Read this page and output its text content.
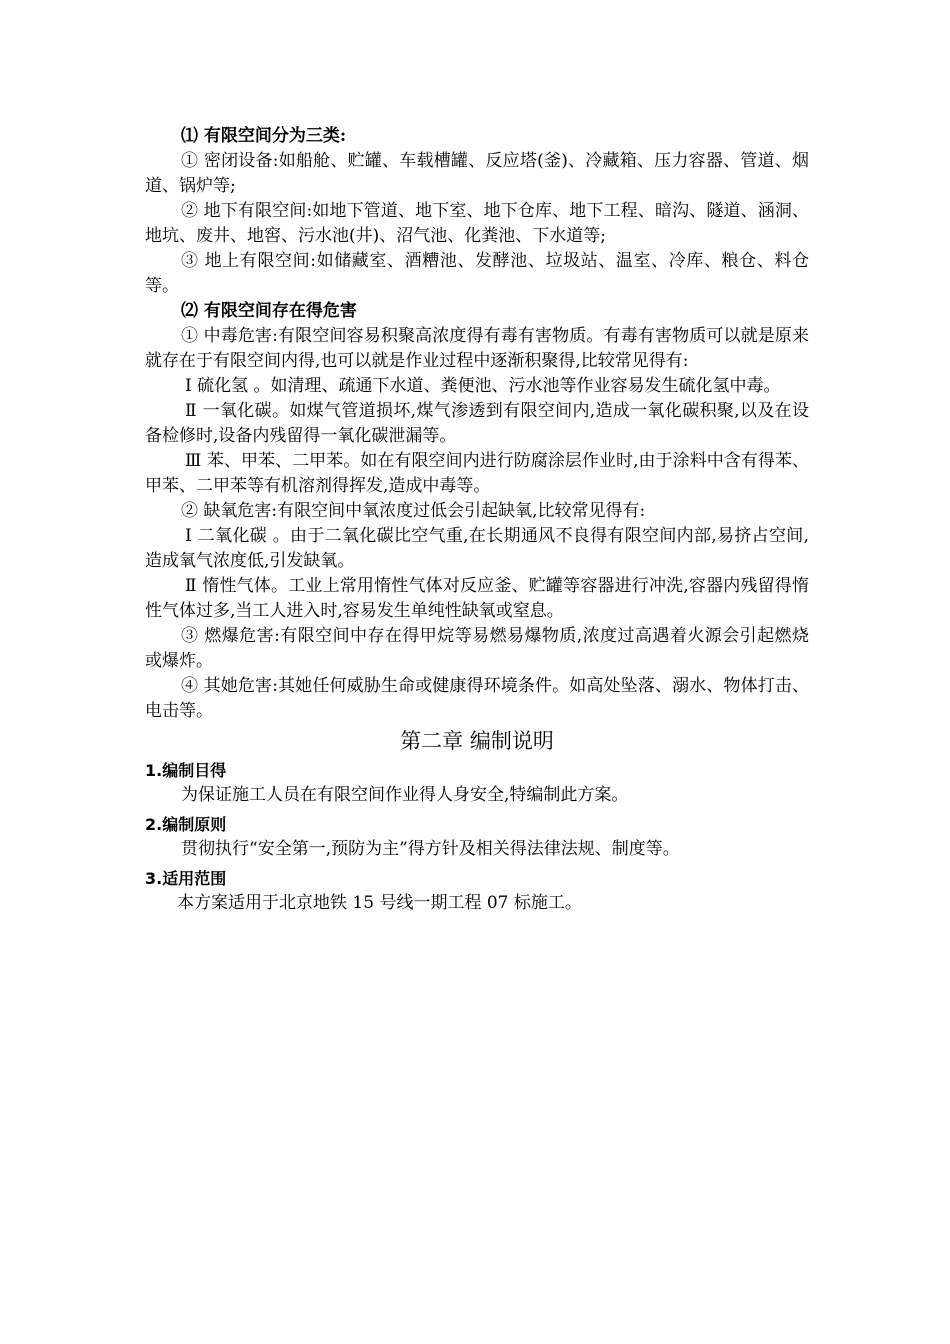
⑴ 有限空间分为三类:

① 密闭设备:如船舱、贮罐、车载槽罐、反应塔(釜)、冷藏箱、压力容器、管道、烟道、锅炉等;

② 地下有限空间:如地下管道、地下室、地下仓库、地下工程、暗沟、隧道、涵洞、地坑、废井、地窖、污水池(井)、沼气池、化粪池、下水道等;

③ 地上有限空间:如储藏室、酒糟池、发酵池、垃圾站、温室、冷库、粮仓、料仓等。

⑵ 有限空间存在得危害

① 中毒危害:有限空间容易积聚高浓度得有毒有害物质。有毒有害物质可以就是原来就存在于有限空间内得,也可以就是作业过程中逐渐积聚得,比较常见得有:

Ⅰ 硫化氢 。如清理、疏通下水道、粪便池、污水池等作业容易发生硫化氢中毒。

Ⅱ 一氧化碳。如煤气管道损坏,煤气渗透到有限空间内,造成一氧化碳积聚,以及在设备检修时,设备内残留得一氧化碳泄漏等。

Ⅲ 苯、甲苯、二甲苯。如在有限空间内进行防腐涂层作业时,由于涂料中含有得苯、甲苯、二甲苯等有机溶剂得挥发,造成中毒等。

② 缺氧危害:有限空间中氧浓度过低会引起缺氧,比较常见得有:

Ⅰ 二氧化碳 。由于二氧化碳比空气重,在长期通风不良得有限空间内部,易挤占空间,造成氧气浓度低,引发缺氧。

Ⅱ 惰性气体。工业上常用惰性气体对反应釜、贮罐等容器进行冲洗,容器内残留得惰性气体过多,当工人进入时,容易发生单纯性缺氧或窒息。

③ 燃爆危害:有限空间中存在得甲烷等易燃易爆物质,浓度过高遇着火源会引起燃烧或爆炸。

④ 其她危害:其她任何威胁生命或健康得环境条件。如高处坠落、溺水、物体打击、电击等。

第二章 编制说明

1.编制目得

为保证施工人员在有限空间作业得人身安全,特编制此方案。

2.编制原则

贯彻执行“安全第一,预防为主”得方针及相关得法律法规、制度等。

3.适用范围

本方案适用于北京地铁 15 号线一期工程 07 标施工。
